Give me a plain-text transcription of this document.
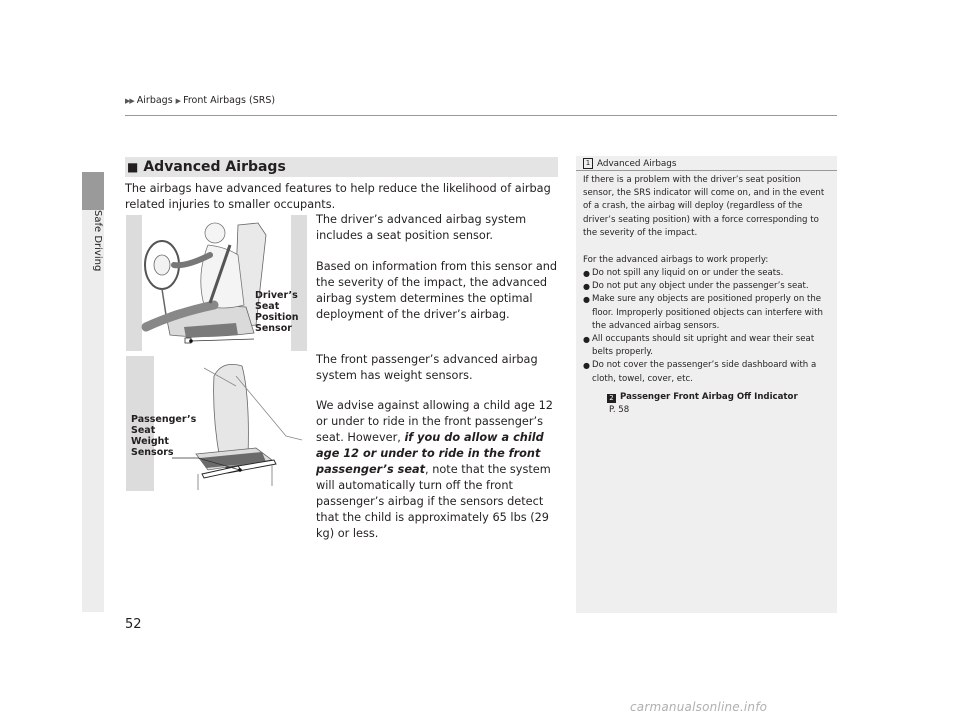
Safe Driving
▶▶ Airbags ▶ Front Airbags (SRS)
■ Advanced Airbags
The airbags have advanced features to help reduce the likelihood of airbag related injuries to smaller occupants.
The driver’s advanced airbag system includes a seat position sensor.
Based on information from this sensor and the severity of the impact, the advanced airbag system determines the optimal deployment of the driver’s airbag.
The front passenger’s advanced airbag system has weight sensors.
We advise against allowing a child age 12 or under to ride in the front passenger’s seat. However, if you do allow a child age 12 or under to ride in the front passenger’s seat, note that the system will automatically turn off the front passenger’s airbag if the sensors detect that the child is approximately 65 lbs (29 kg) or less.
Driver’s
Seat
Position
Sensor
Passenger’s
Seat
Weight
Sensors
1 Advanced Airbags
If there is a problem with the driver’s seat position sensor, the SRS indicator will come on, and in the event of a crash, the airbag will deploy (regardless of the driver’s seating position) with a force corresponding to the severity of the impact.
For the advanced airbags to work properly:
● Do not spill any liquid on or under the seats.
● Do not put any object under the passenger’s seat.
● Make sure any objects are positioned properly on the floor. Improperly positioned objects can interfere with the advanced airbag sensors.
● All occupants should sit upright and wear their seat belts properly.
● Do not cover the passenger’s side dashboard with a cloth, towel, cover, etc.
2 Passenger Front Airbag Off Indicator
P. 58
52
carmanualsonline.info
